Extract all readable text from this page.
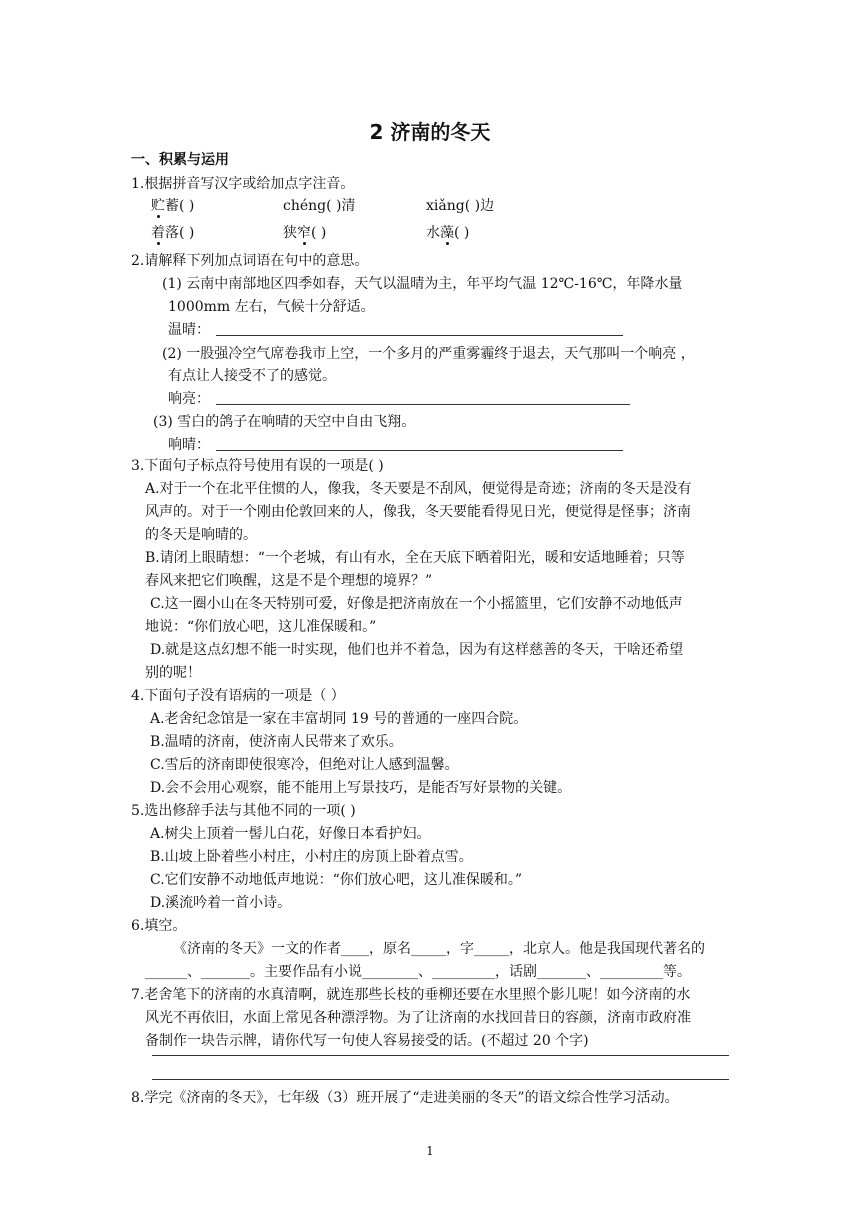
2 济南的冬天
一、积累与运用
1.根据拼音写汉字或给加点字注音。
贮蓄( )	chéng( )清	xiǎng( )边
着落( )	狭窄( )	水藻( )
2.请解释下列加点词语在句中的意思。
(1) 云南中南部地区四季如春，天气以温晴为主，年平均气温 12℃-16℃，年降水量
1000mm 左右，气候十分舒适。
温晴：
(2) 一股强冷空气席卷我市上空，一个多月的严重雾霾终于退去，天气那叫一个响亮 ，
有点让人接受不了的感觉。
响亮：
(3) 雪白的鸽子在响晴的天空中自由飞翔。
响晴：
3.下面句子标点符号使用有误的一项是( )
A.对于一个在北平住惯的人，像我，冬天要是不刮风，便觉得是奇迹；济南的冬天是没有
风声的。对于一个刚由伦敦回来的人，像我，冬天要能看得见日光，便觉得是怪事；济南
的冬天是响晴的。
B.请闭上眼睛想：“一个老城，有山有水，全在天底下晒着阳光，暖和安适地睡着；只等
春风来把它们唤醒，这是不是个理想的境界？”
C.这一圈小山在冬天特别可爱，好像是把济南放在一个小摇篮里，它们安静不动地低声
地说：“你们放心吧，这儿准保暖和。”
D.就是这点幻想不能一时实现，他们也并不着急，因为有这样慈善的冬天，干啥还希望
别的呢！
4.下面句子没有语病的一项是（ ）
A.老舍纪念馆是一家在丰富胡同 19 号的普通的一座四合院。
B.温晴的济南，使济南人民带来了欢乐。
C.雪后的济南即使很寒冷，但绝对让人感到温馨。
D.会不会用心观察，能不能用上写景技巧，是能否写好景物的关键。
5.选出修辞手法与其他不同的一项( )
A.树尖上顶着一髻儿白花，好像日本看护妇。
B.山坡上卧着些小村庄，小村庄的房顶上卧着点雪。
C.它们安静不动地低声地说：“你们放心吧，这儿准保暖和。”
D.溪流吟着一首小诗。
6.填空。
《济南的冬天》一文的作者____，原名_____，字_____，北京人。他是我国现代著名的
______、_______。主要作品有小说________、_________，话剧_______、_________等。
7.老舍笔下的济南的水真清啊，就连那些长枝的垂柳还要在水里照个影儿呢！如今济南的水
风光不再依旧，水面上常见各种漂浮物。为了让济南的水找回昔日的容颜，济南市政府准
备制作一块告示牌，请你代写一句使人容易接受的话。(不超过 20 个字)
8.学完《济南的冬天》，七年级（3）班开展了“走进美丽的冬天”的语文综合性学习活动。
1
